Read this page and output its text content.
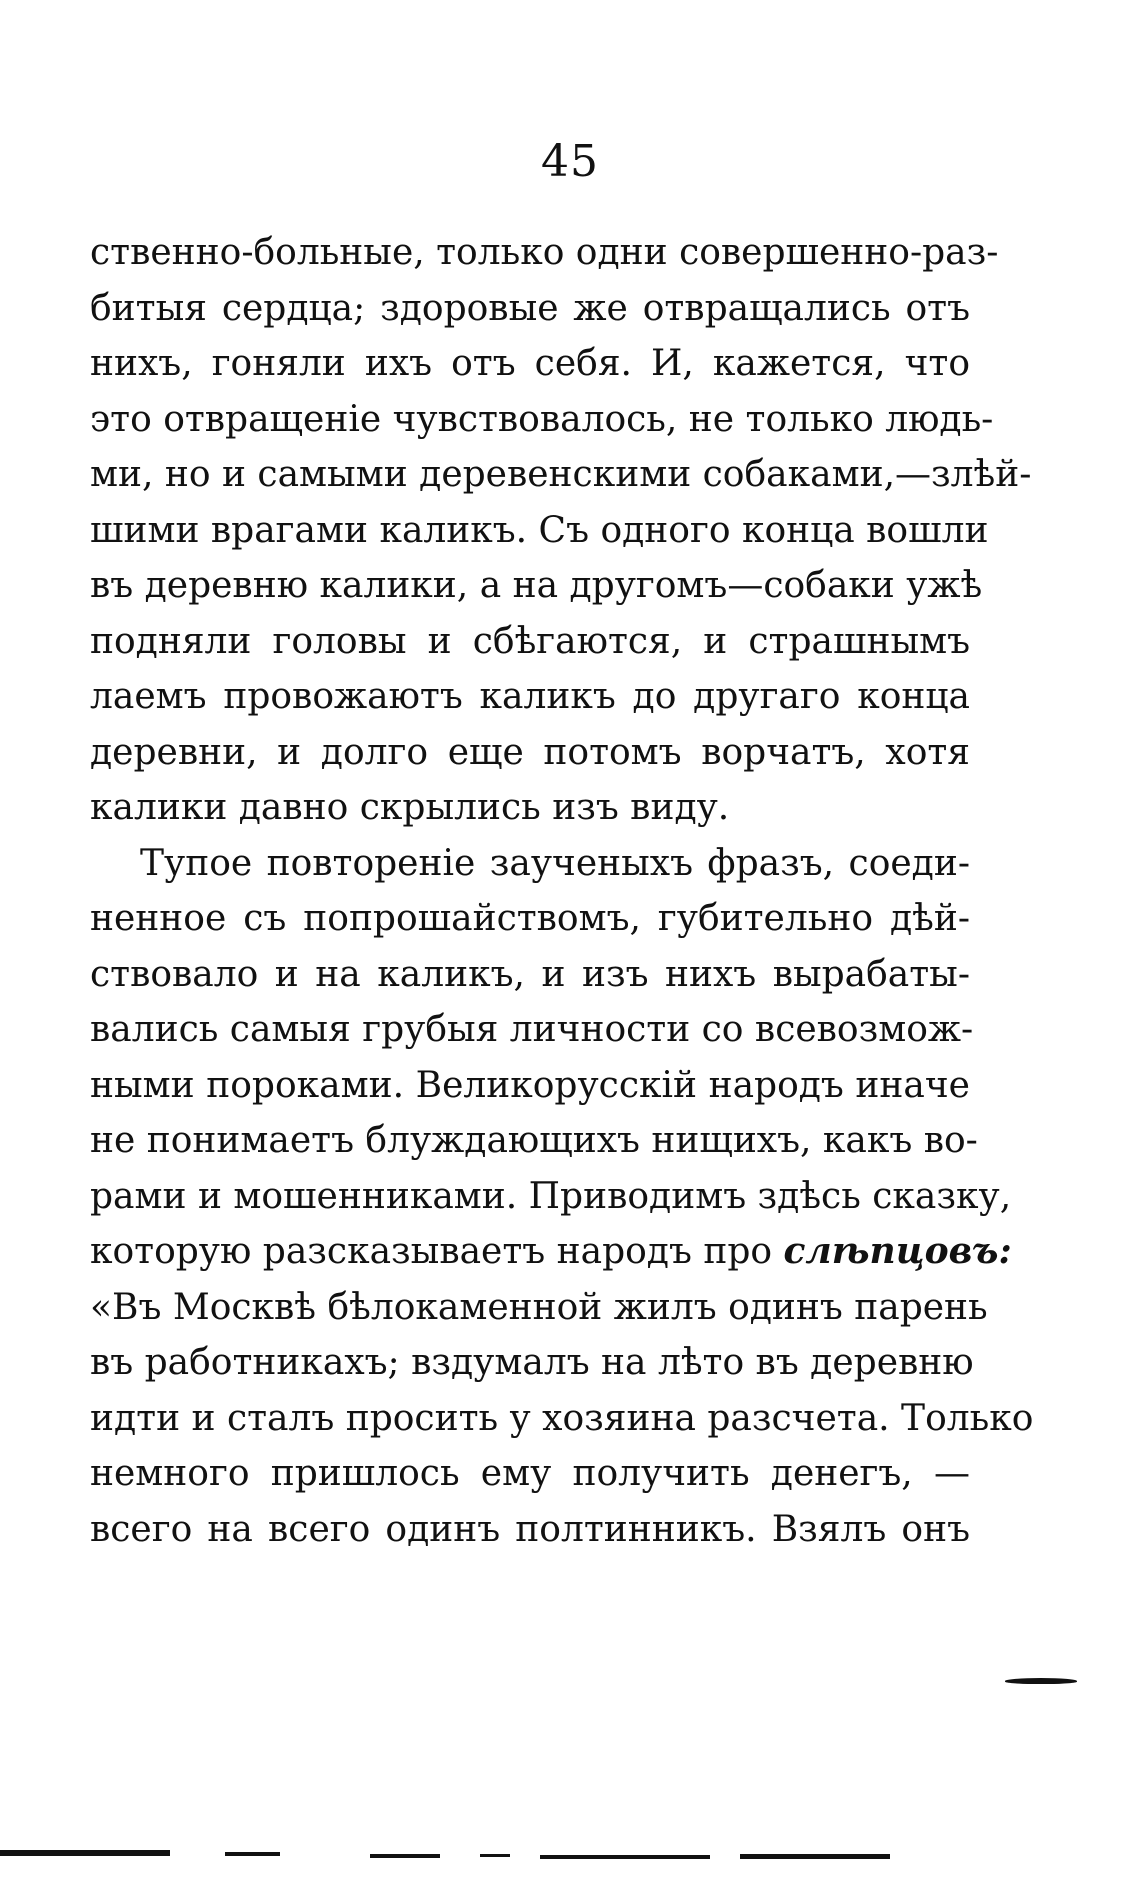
45
ственно-больные, только одни совершенно-раз-
битыя сердца; здоровые же отвращались отъ
нихъ, гоняли ихъ отъ себя. И, кажется, что
это отвращеніе чувствовалось, не только людь-
ми, но и самыми деревенскими собаками,—злѣй-
шими врагами каликъ. Съ одного конца вошли
въ деревню калики, а на другомъ—собаки ужѣ
подняли головы и сбѣгаются, и страшнымъ
лаемъ провожаютъ каликъ до другаго конца
деревни, и долго еще потомъ ворчатъ, хотя
калики давно скрылись изъ виду.
Тупое повтореніе заученыхъ фразъ, соеди-
ненное съ попрошайствомъ, губительно дѣй-
ствовало и на каликъ, и изъ нихъ вырабаты-
вались самыя грубыя личности со всевозмож-
ными пороками. Великорусскій народъ иначе
не понимаетъ блуждающихъ нищихъ, какъ во-
рами и мошенниками. Приводимъ здѣсь сказку,
которую разсказываетъ народъ про слѣпцовъ:
«Въ Москвѣ бѣлокаменной жилъ одинъ парень
въ работникахъ; вздумалъ на лѣто въ деревню
идти и сталъ просить у хозяина разсчета. Только
немного пришлось ему получить денегъ, —
всего на всего одинъ полтинникъ. Взялъ онъ
